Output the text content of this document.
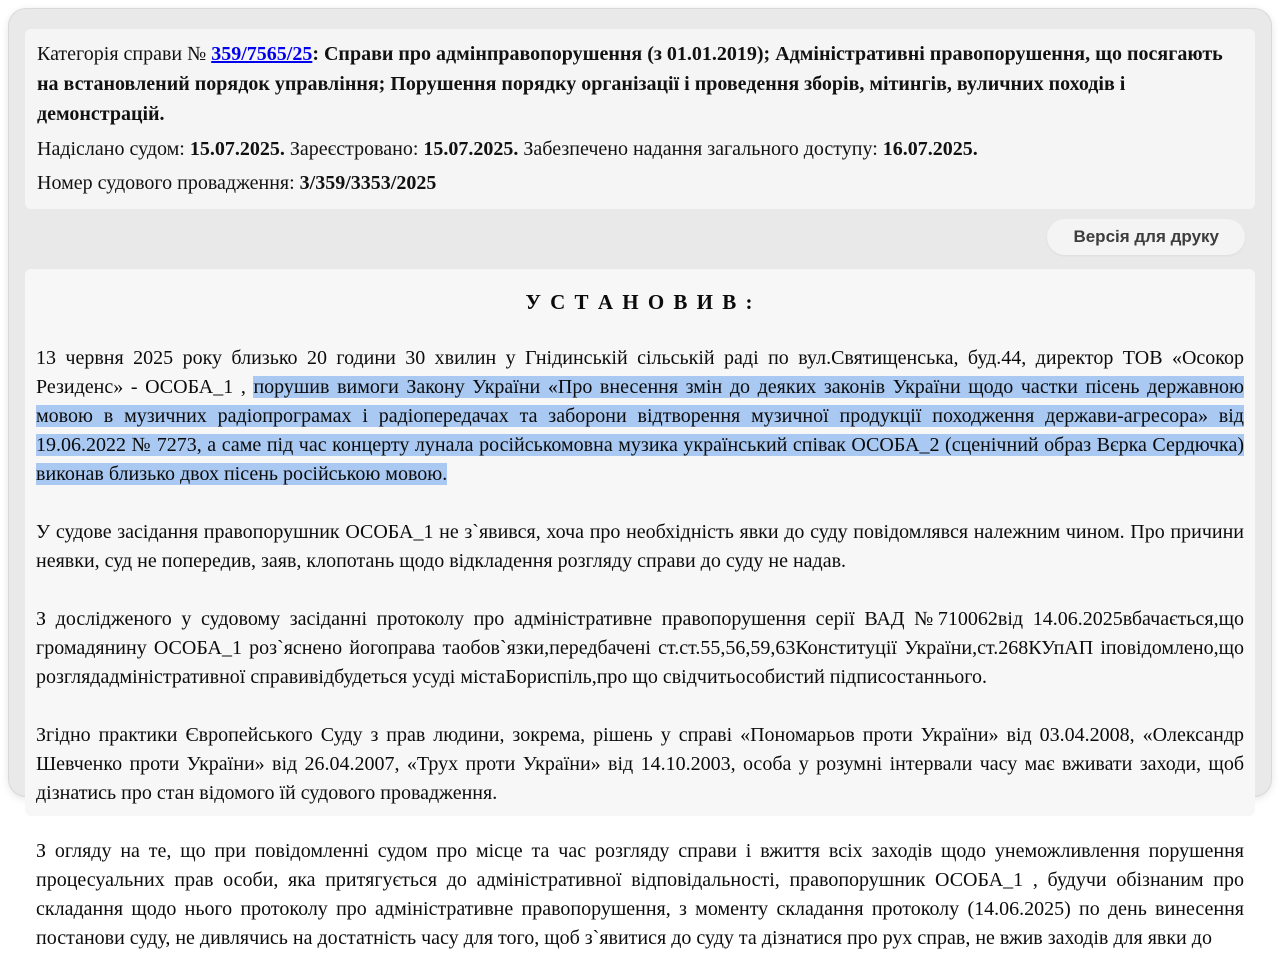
Категорія справи № 359/7565/25: Справи про адмінправопорушення (з 01.01.2019); Адміністративні правопорушення, що посягають на встановлений порядок управління; Порушення порядку організації і проведення зборів, мітингів, вуличних походів і демонстрацій.

Надіслано судом: 15.07.2025. Зареєстровано: 15.07.2025. Забезпечено надання загального доступу: 16.07.2025.

Номер судового провадження: 3/359/3353/2025

Версія для друку

У С Т А Н О В И В :

13 червня 2025 року близько 20 години 30 хвилин у Гнідинській сільській раді по вул.Святищенська, буд.44, директор ТОВ «Осокор Резиденс» - ОСОБА_1 , порушив вимоги Закону України «Про внесення змін до деяких законів України щодо частки пісень державною мовою в музичних радіопрограмах і радіопередачах та заборони відтворення музичної продукції походження держави-агресора» від 19.06.2022 № 7273, а саме під час концерту лунала російськомовна музика український співак ОСОБА_2 (сценічний образ Вєрка Сердючка) виконав близько двох пісень російською мовою.

У судове засідання правопорушник ОСОБА_1 не з`явився, хоча про необхідність явки до суду повідомлявся належним чином. Про причини неявки, суд не попередив, заяв, клопотань щодо відкладення розгляду справи до суду не надав.

З дослідженого у судовому засіданні протоколу про адміністративне правопорушення серії ВАД №710062від 14.06.2025вбачається,що громадянину ОСОБА_1 роз`яснено йогоправа таобов`язки,передбачені ст.ст.55,56,59,63Конституції України,ст.268КУпАП іповідомлено,що розглядадміністративної справивідбудеться усуді містаБориспіль,про що свідчитьособистий підписостаннього.

Згідно практики Європейського Суду з прав людини, зокрема, рішень у справі «Пономарьов проти України» від 03.04.2008, «Олександр Шевченко проти України» від 26.04.2007, «Трух проти України» від 14.10.2003, особа у розумні інтервали часу має вживати заходи, щоб дізнатись про стан відомого їй судового провадження.

З огляду на те, що при повідомленні судом про місце та час розгляду справи і вжиття всіх заходів щодо унеможливлення порушення процесуальних прав особи, яка притягується до адміністративної відповідальності, правопорушник ОСОБА_1 , будучи обізнаним про складання щодо нього протоколу про адміністративне правопорушення, з моменту складання протоколу (14.06.2025) по день винесення постанови суду, не дивлячись на достатність часу для того, щоб з`явитися до суду та дізнатися про рух справ, не вжив заходів для явки до
